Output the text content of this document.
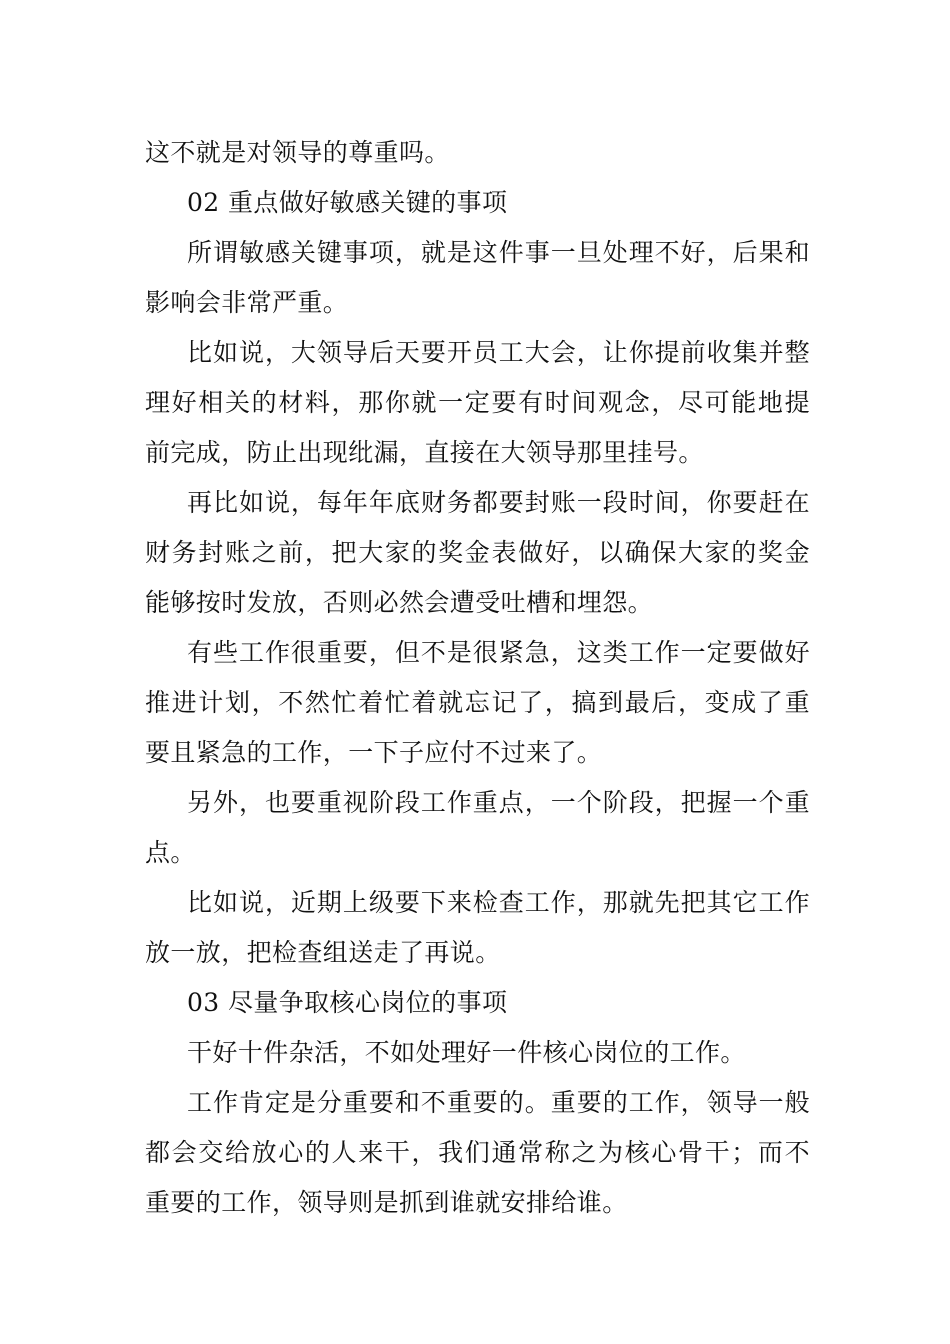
这不就是对领导的尊重吗。
02 重点做好敏感关键的事项
所谓敏感关键事项，就是这件事一旦处理不好，后果和
影响会非常严重。
比如说，大领导后天要开员工大会，让你提前收集并整
理好相关的材料，那你就一定要有时间观念，尽可能地提
前完成，防止出现纰漏，直接在大领导那里挂号。
再比如说，每年年底财务都要封账一段时间，你要赶在
财务封账之前，把大家的奖金表做好，以确保大家的奖金
能够按时发放，否则必然会遭受吐槽和埋怨。
有些工作很重要，但不是很紧急，这类工作一定要做好
推进计划，不然忙着忙着就忘记了，搞到最后，变成了重
要且紧急的工作，一下子应付不过来了。
另外，也要重视阶段工作重点，一个阶段，把握一个重
点。
比如说，近期上级要下来检查工作，那就先把其它工作
放一放，把检查组送走了再说。
03 尽量争取核心岗位的事项
干好十件杂活，不如处理好一件核心岗位的工作。
工作肯定是分重要和不重要的。重要的工作，领导一般
都会交给放心的人来干，我们通常称之为核心骨干；而不
重要的工作，领导则是抓到谁就安排给谁。
